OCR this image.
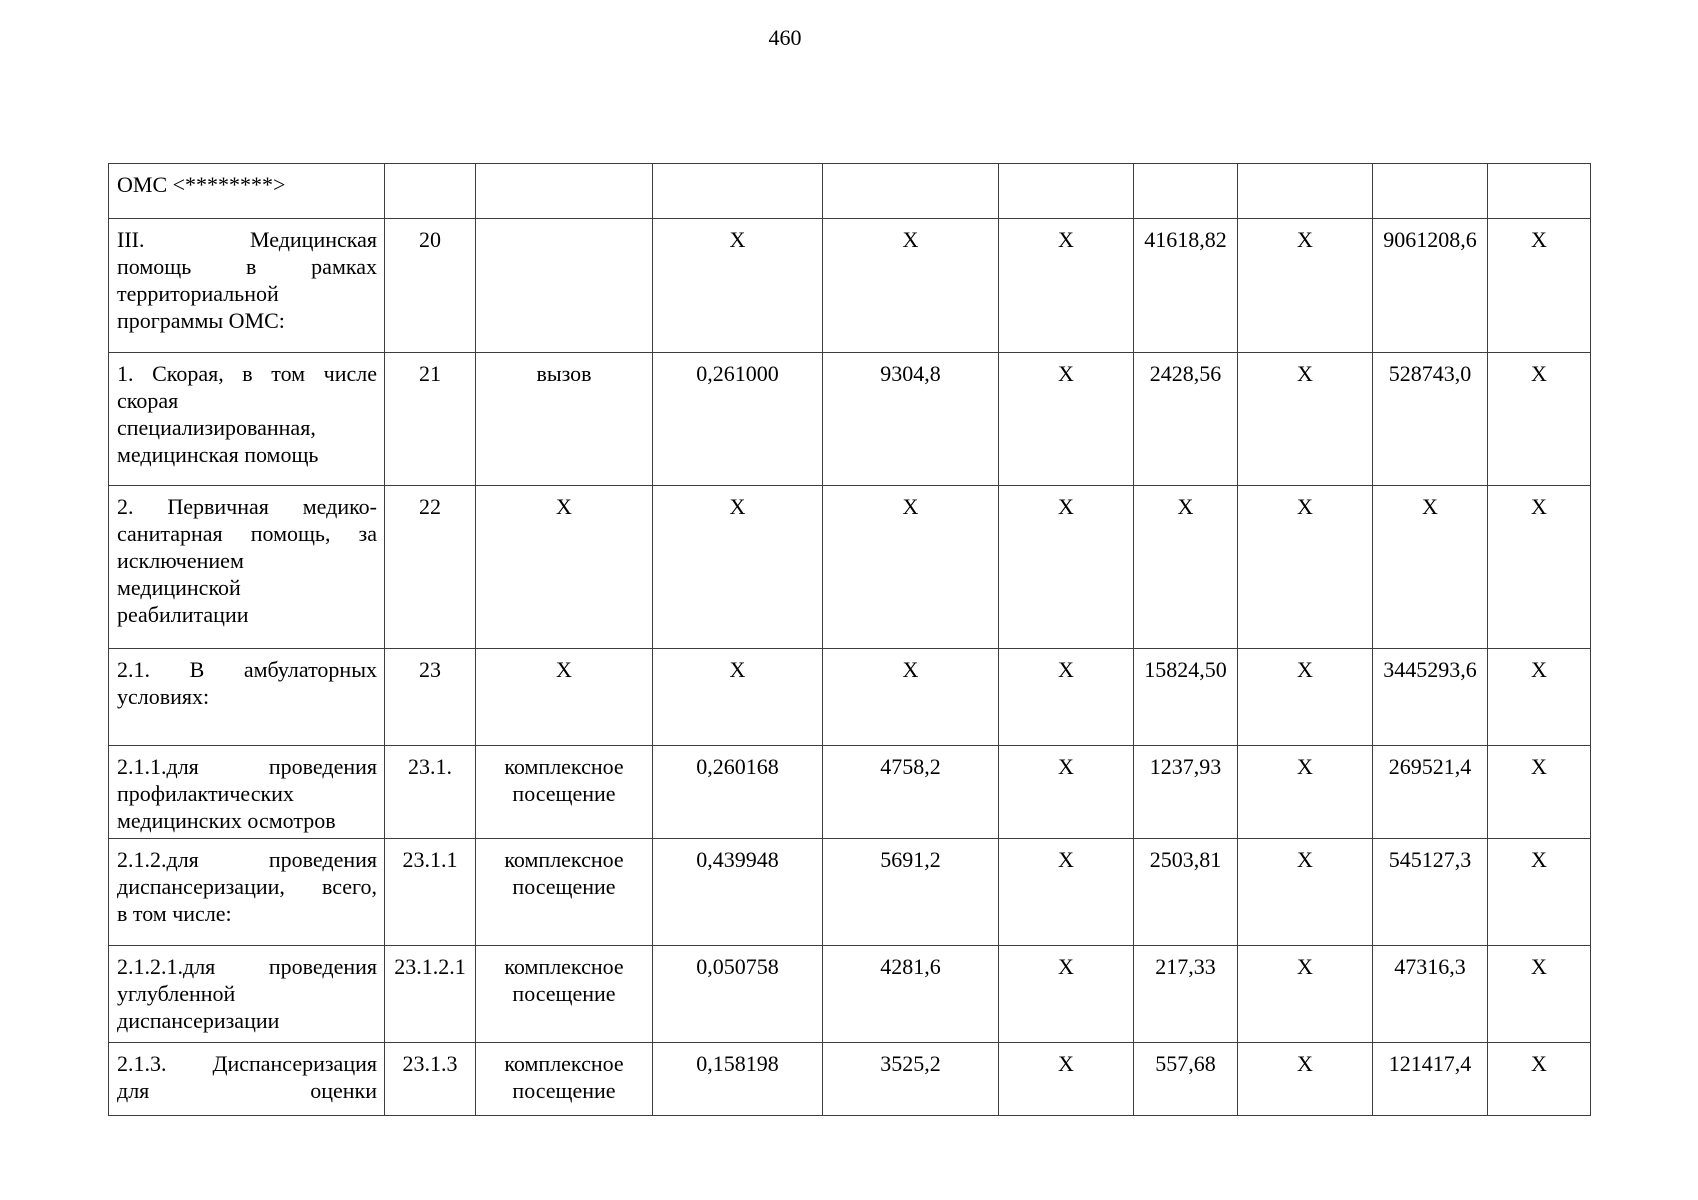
460
ОМС <********>									

III. Медицинская
помощь в рамках
территориальной
программы ОМС:	20		X	X	X	41618,82	X	9061208,6	X

1. Скорая, в том числе
скорая
специализированная,
медицинская помощь	21	вызов	0,261000	9304,8	X	2428,56	X	528743,0	X

2. Первичная медико-
санитарная помощь, за
исключением
медицинской
реабилитации	22	X	X	X	X	X	X	X	X

2.1. В амбулаторных
условиях:	23	X	X	X	X	15824,50	X	3445293,6	X

2.1.1.для проведения
профилактических
медицинских осмотров	23.1.	комплексное посещение	0,260168	4758,2	X	1237,93	X	269521,4	X

2.1.2.для проведения
диспансеризации, всего,
в том числе:	23.1.1	комплексное посещение	0,439948	5691,2	X	2503,81	X	545127,3	X

2.1.2.1.для проведения
углубленной
диспансеризации	23.1.2.1	комплексное посещение	0,050758	4281,6	X	217,33	X	47316,3	X

2.1.3. Диспансеризация
для оценки	23.1.3	комплексное посещение	0,158198	3525,2	X	557,68	X	121417,4	X
